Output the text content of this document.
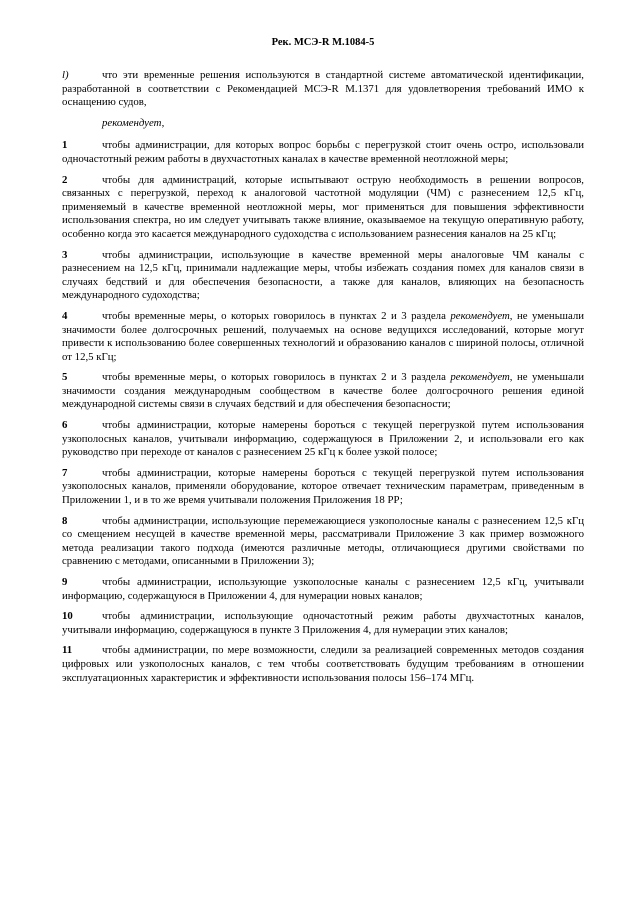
Рек. МСЭ-R M.1084-5
l)	что эти временные решения используются в стандартной системе автоматической идентификации, разработанной в соответствии с Рекомендацией МСЭ-R M.1371 для удовлетворения требований ИМО к оснащению судов,
рекомендует,
1	чтобы администрации, для которых вопрос борьбы с перегрузкой стоит очень остро, использовали одночастотный режим работы в двухчастотных каналах в качестве временной неотложной меры;
2	чтобы для администраций, которые испытывают острую необходимость в решении вопросов, связанных с перегрузкой, переход к аналоговой частотной модуляции (ЧМ) с разнесением 12,5 кГц, применяемый в качестве временной неотложной меры, мог применяться для повышения эффективности использования спектра, но им следует учитывать также влияние, оказываемое на текущую оперативную работу, особенно когда это касается международного судоходства с использованием разнесения каналов на 25 кГц;
3	чтобы администрации, использующие в качестве временной меры аналоговые ЧМ каналы с разнесением на 12,5 кГц, принимали надлежащие меры, чтобы избежать создания помех для каналов связи в случаях бедствий и для обеспечения безопасности, а также для каналов, влияющих на безопасность международного судоходства;
4	чтобы временные меры, о которых говорилось в пунктах 2 и 3 раздела рекомендует, не уменьшали значимости более долгосрочных решений, получаемых на основе ведущихся исследований, которые могут привести к использованию более совершенных технологий и образованию каналов с шириной полосы, отличной от 12,5 кГц;
5	чтобы временные меры, о которых говорилось в пунктах 2 и 3 раздела рекомендует, не уменьшали значимости создания международным сообществом в качестве более долгосрочного решения единой международной системы связи в случаях бедствий и для обеспечения безопасности;
6	чтобы администрации, которые намерены бороться с текущей перегрузкой путем использования узкополосных каналов, учитывали информацию, содержащуюся в Приложении 2, и использовали его как руководство при переходе от каналов с разнесением 25 кГц к более узкой полосе;
7	чтобы администрации, которые намерены бороться с текущей перегрузкой путем использования узкополосных каналов, применяли оборудование, которое отвечает техническим параметрам, приведенным в Приложении 1, и в то же время учитывали положения Приложения 18 РР;
8	чтобы администрации, использующие перемежающиеся узкополосные каналы с разнесением 12,5 кГц со смещением несущей в качестве временной меры, рассматривали Приложение 3 как пример возможного метода реализации такого подхода (имеются различные методы, отличающиеся другими свойствами по сравнению с методами, описанными в Приложении 3);
9	чтобы администрации, использующие узкополосные каналы с разнесением 12,5 кГц, учитывали информацию, содержащуюся в Приложении 4, для нумерации новых каналов;
10	чтобы администрации, использующие одночастотный режим работы двухчастотных каналов, учитывали информацию, содержащуюся в пункте 3 Приложения 4, для нумерации этих каналов;
11	чтобы администрации, по мере возможности, следили за реализацией современных методов создания цифровых или узкополосных каналов, с тем чтобы соответствовать будущим требованиям в отношении эксплуатационных характеристик и эффективности использования полосы 156–174 МГц.
